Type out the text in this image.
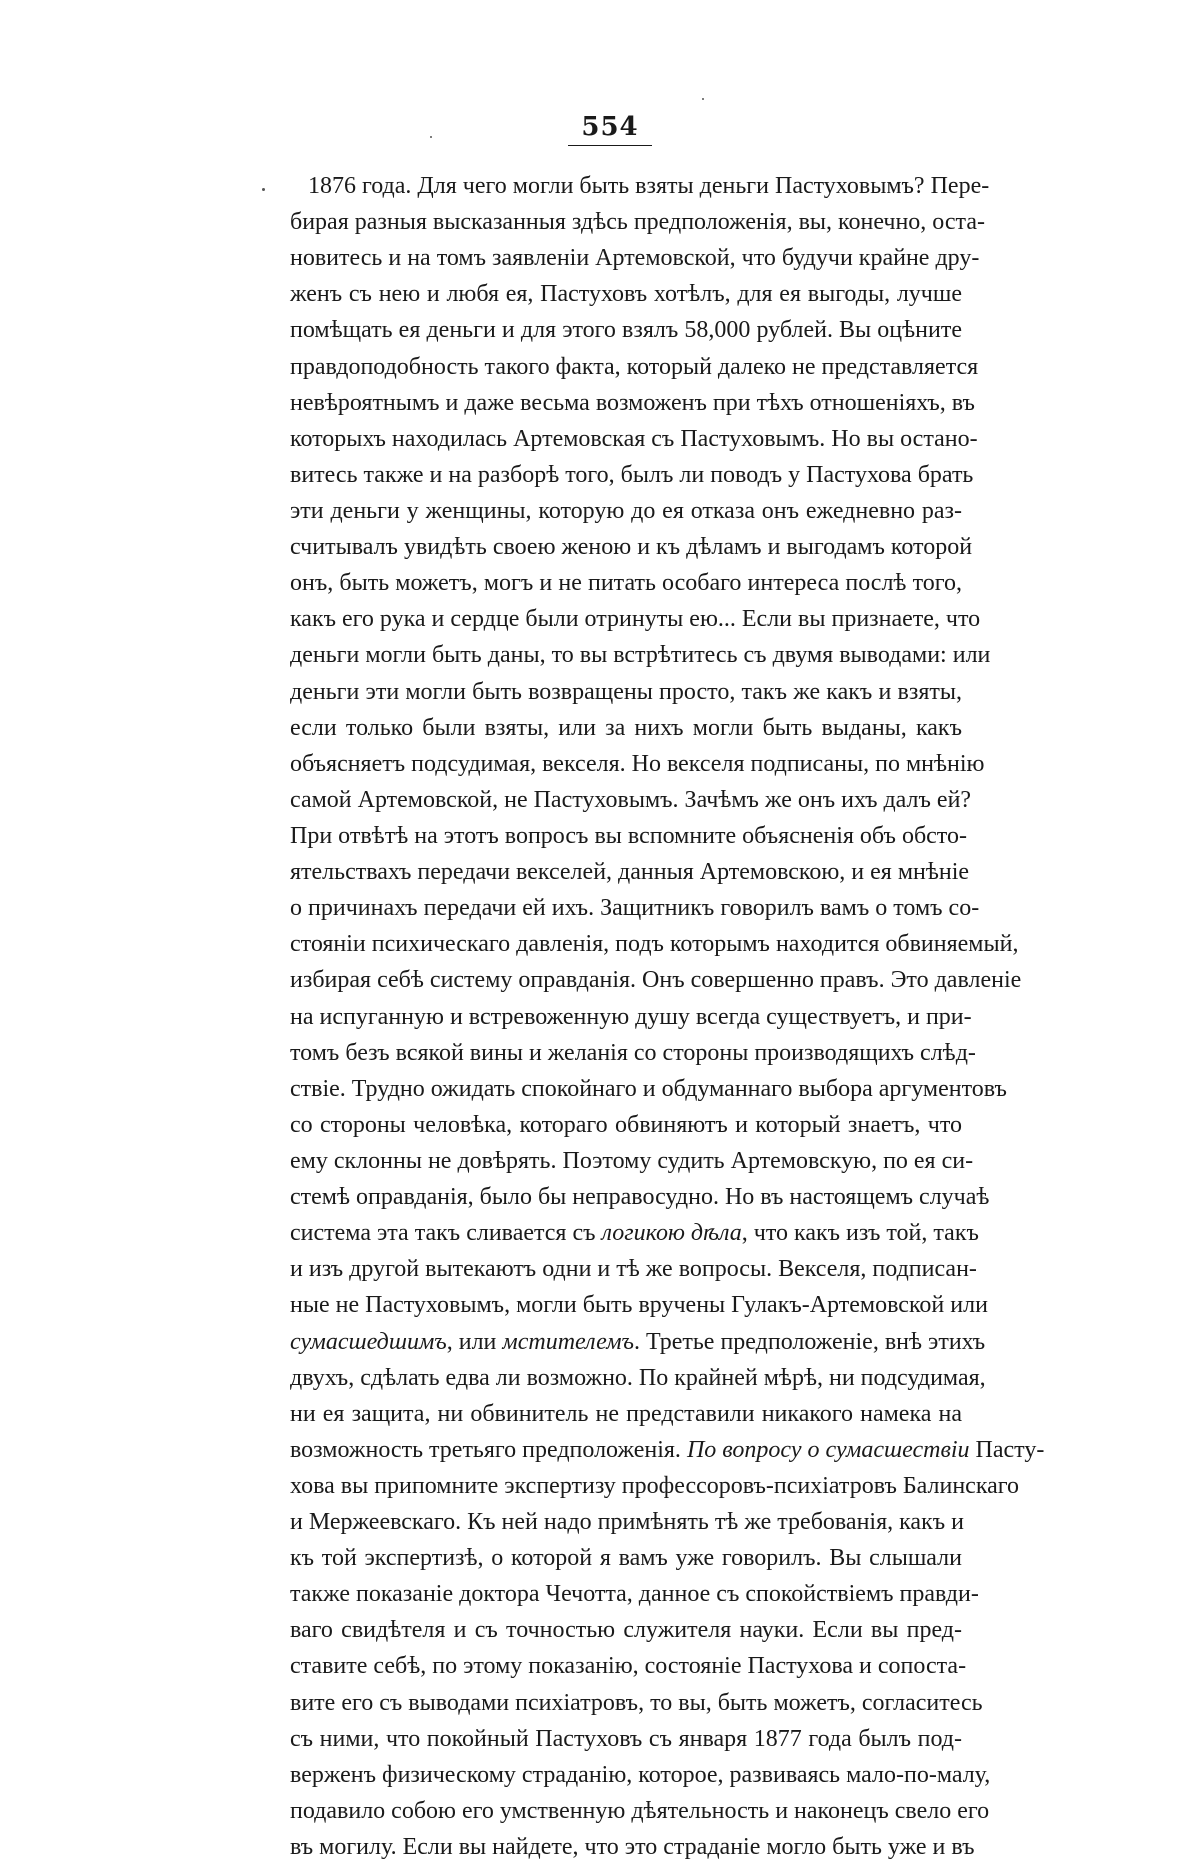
554
1876 года. Для чего могли быть взяты деньги Пастуховымъ? Пере-
бирая разныя высказанныя здѣсь предположенія, вы, конечно, оста-
новитесь и на томъ заявленіи Артемовской, что будучи крайне дру-
женъ съ нею и любя ея, Пастуховъ хотѣлъ, для ея выгоды, лучше
помѣщать ея деньги и для этого взялъ 58,000 рублей. Вы оцѣните
правдоподобность такого факта, который далеко не представляется
невѣроятнымъ и даже весьма возможенъ при тѣхъ отношеніяхъ, въ
которыхъ находилась Артемовская съ Пастуховымъ. Но вы остано-
витесь также и на разборѣ того, былъ ли поводъ у Пастухова брать
эти деньги у женщины, которую до ея отказа онъ ежедневно раз-
считывалъ увидѣть своею женою и къ дѣламъ и выгодамъ которой
онъ, быть можетъ, могъ и не питать особаго интереса послѣ того,
какъ его рука и сердце были отринуты ею... Если вы признаете, что
деньги могли быть даны, то вы встрѣтитесь съ двумя выводами: или
деньги эти могли быть возвращены просто, такъ же какъ и взяты,
если только были взяты, или за нихъ могли быть выданы, какъ
объясняетъ подсудимая, векселя. Но векселя подписаны, по мнѣнію
самой Артемовской, не Пастуховымъ. Зачѣмъ же онъ ихъ далъ ей?
При отвѣтѣ на этотъ вопросъ вы вспомните объясненія объ обсто-
ятельствахъ передачи векселей, данныя Артемовскою, и ея мнѣніе
о причинахъ передачи ей ихъ. Защитникъ говорилъ вамъ о томъ со-
стояніи психическаго давленія, подъ которымъ находится обвиняемый,
избирая себѣ систему оправданія. Онъ совершенно правъ. Это давленіе
на испуганную и встревоженную душу всегда существуетъ, и при-
томъ безъ всякой вины и желанія со стороны производящихъ слѣд-
ствіе. Трудно ожидать спокойнаго и обдуманнаго выбора аргументовъ
со стороны человѣка, котораго обвиняютъ и который знаетъ, что
ему склонны не довѣрять. Поэтому судить Артемовскую, по ея си-
стемѣ оправданія, было бы неправосудно. Но въ настоящемъ случаѣ
система эта такъ сливается съ логикою дѣла, что какъ изъ той, такъ
и изъ другой вытекаютъ одни и тѣ же вопросы. Векселя, подписан-
ные не Пастуховымъ, могли быть вручены Гулакъ-Артемовской или
сумасшедшимъ, или мстителемъ. Третье предположеніе, внѣ этихъ
двухъ, сдѣлать едва ли возможно. По крайней мѣрѣ, ни подсудимая,
ни ея защита, ни обвинитель не представили никакого намека на
возможность третьяго предположенія. По вопросу о сумасшествіи Пасту-
хова вы припомните экспертизу профессоровъ-психіатровъ Балинскаго
и Мержеевскаго. Къ ней надо примѣнять тѣ же требованія, какъ и
къ той экспертизѣ, о которой я вамъ уже говорилъ. Вы слышали
также показаніе доктора Чечотта, данное съ спокойствіемъ правди-
ваго свидѣтеля и съ точностью служителя науки. Если вы пред-
ставите себѣ, по этому показанію, состояніе Пастухова и сопоста-
вите его съ выводами психіатровъ, то вы, быть можетъ, согласитесь
съ ними, что покойный Пастуховъ съ января 1877 года былъ под-
верженъ физическому страданію, которое, развиваясь мало-по-малу,
подавило собою его умственную дѣятельность и наконецъ свело его
въ могилу. Если вы найдете, что это страданіе могло быть уже и въ
